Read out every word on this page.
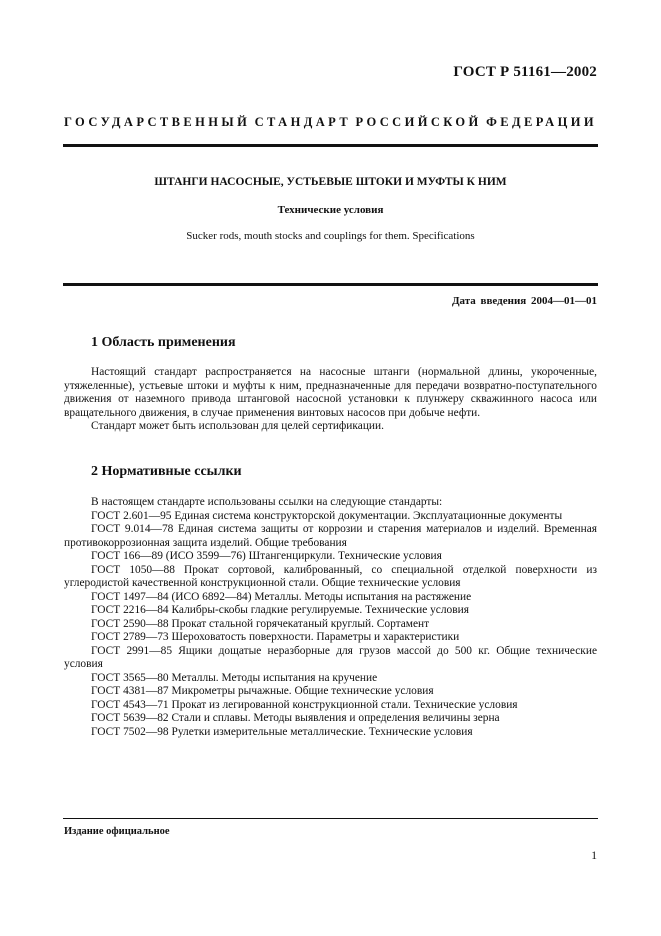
ГОСТ Р 51161—2002
ГОСУДАРСТВЕННЫЙ СТАНДАРТ РОССИЙСКОЙ ФЕДЕРАЦИИ
ШТАНГИ НАСОСНЫЕ, УСТЬЕВЫЕ ШТОКИ И МУФТЫ К НИМ
Технические условия
Sucker rods, mouth stocks and couplings for them. Specifications
Дата введения 2004—01—01
1 Область применения

Настоящий стандарт распространяется на насосные штанги (нормальной длины, укороченные, утяжеленные), устьевые штоки и муфты к ним, предназначенные для передачи возвратно-поступательного движения от наземного привода штанговой насосной установки к плунжеру скважинного насоса или вращательного движения, в случае применения винтовых насосов при добыче нефти.

Стандарт может быть использован для целей сертификации.

2 Нормативные ссылки

В настоящем стандарте использованы ссылки на следующие стандарты:

ГОСТ 2.601—95 Единая система конструкторской документации. Эксплуатационные документы

ГОСТ 9.014—78 Единая система защиты от коррозии и старения материалов и изделий. Временная противокоррозионная защита изделий. Общие требования

ГОСТ 166—89 (ИСО 3599—76) Штангенциркули. Технические условия

ГОСТ 1050—88 Прокат сортовой, калиброванный, со специальной отделкой поверхности из углеродистой качественной конструкционной стали. Общие технические условия

ГОСТ 1497—84 (ИСО 6892—84) Металлы. Методы испытания на растяжение

ГОСТ 2216—84 Калибры-скобы гладкие регулируемые. Технические условия

ГОСТ 2590—88 Прокат стальной горячекатаный круглый. Сортамент

ГОСТ 2789—73 Шероховатость поверхности. Параметры и характеристики

ГОСТ 2991—85 Ящики дощатые неразборные для грузов массой до 500 кг. Общие технические условия

ГОСТ 3565—80 Металлы. Методы испытания на кручение

ГОСТ 4381—87 Микрометры рычажные. Общие технические условия

ГОСТ 4543—71 Прокат из легированной конструкционной стали. Технические условия

ГОСТ 5639—82 Стали и сплавы. Методы выявления и определения величины зерна

ГОСТ 7502—98 Рулетки измерительные металлические. Технические условия

Издание официальное
1
